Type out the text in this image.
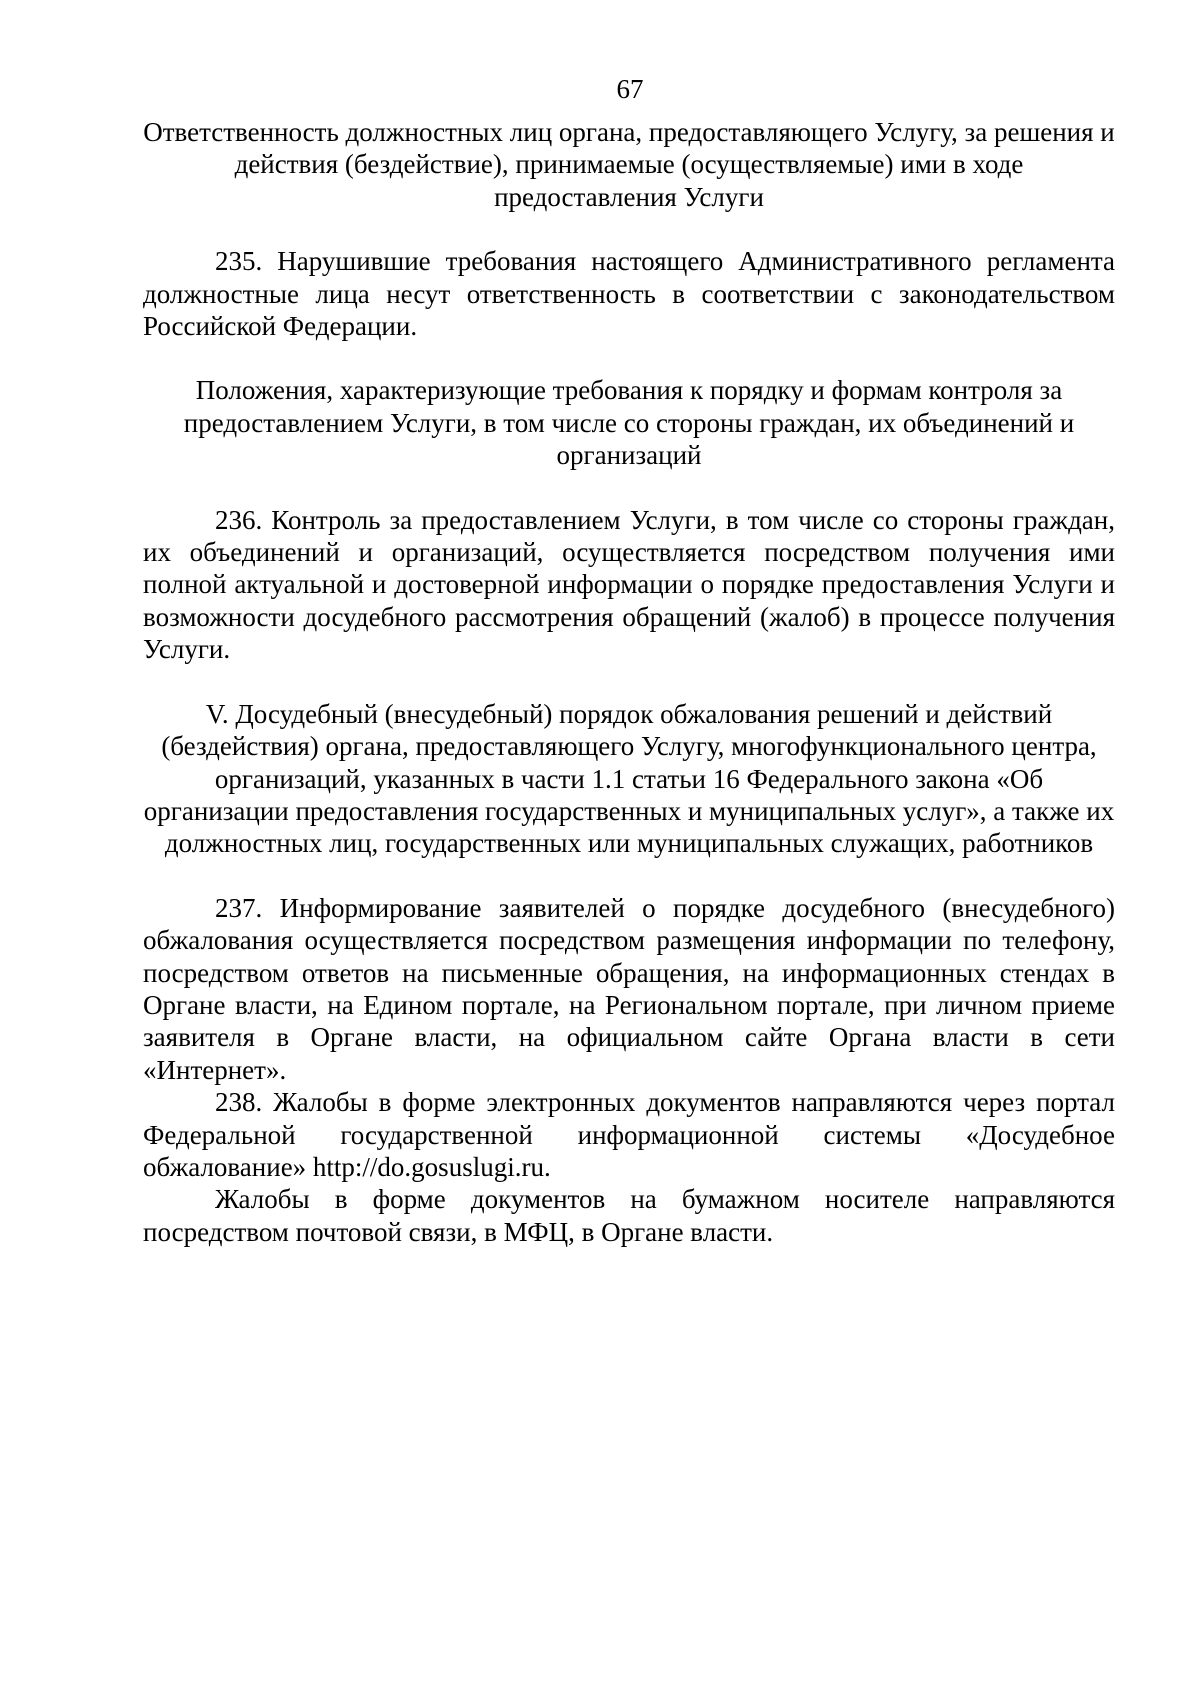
67

Ответственность должностных лиц органа, предоставляющего Услугу, за решения и действия (бездействие), принимаемые (осуществляемые) ими в ходе предоставления Услуги

235. Нарушившие требования настоящего Административного регламента должностные лица несут ответственность в соответствии с законодательством Российской Федерации.

Положения, характеризующие требования к порядку и формам контроля за предоставлением Услуги, в том числе со стороны граждан, их объединений и организаций

236. Контроль за предоставлением Услуги, в том числе со стороны граждан, их объединений и организаций, осуществляется посредством получения ими полной актуальной и достоверной информации о порядке предоставления Услуги и возможности досудебного рассмотрения обращений (жалоб) в процессе получения Услуги.

V. Досудебный (внесудебный) порядок обжалования решений и действий (бездействия) органа, предоставляющего Услугу, многофункционального центра, организаций, указанных в части 1.1 статьи 16 Федерального закона «Об организации предоставления государственных и муниципальных услуг», а также их должностных лиц, государственных или муниципальных служащих, работников

237. Информирование заявителей о порядке досудебного (внесудебного) обжалования осуществляется посредством размещения информации по телефону, посредством ответов на письменные обращения, на информационных стендах в Органе власти, на Едином портале, на Региональном портале, при личном приеме заявителя в Органе власти, на официальном сайте Органа власти в сети «Интернет».

238. Жалобы в форме электронных документов направляются через портал Федеральной государственной информационной системы «Досудебное обжалование» http://do.gosuslugi.ru.

Жалобы в форме документов на бумажном носителе направляются посредством почтовой связи, в МФЦ, в Органе власти.
